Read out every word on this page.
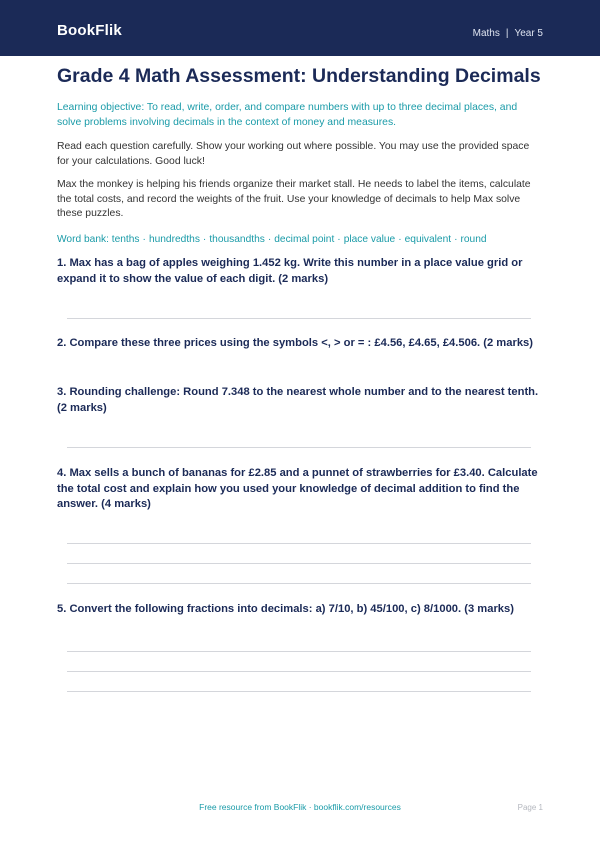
BookFlik	Maths | Year 5
Grade 4 Math Assessment: Understanding Decimals

Learning objective: To read, write, order, and compare numbers with up to three decimal places, and solve problems involving decimals in the context of money and measures.

Read each question carefully. Show your working out where possible. You may use the provided space for your calculations. Good luck!

Max the monkey is helping his friends organize their market stall. He needs to label the items, calculate the total costs, and record the weights of the fruit. Use your knowledge of decimals to help Max solve these puzzles.

Word bank: tenths · hundredths · thousandths · decimal point · place value · equivalent · round

1. Max has a bag of apples weighing 1.452 kg. Write this number in a place value grid or expand it to show the value of each digit. (2 marks)
2. Compare these three prices using the symbols <, > or = : £4.56, £4.65, £4.506. (2 marks)
3. Rounding challenge: Round 7.348 to the nearest whole number and to the nearest tenth. (2 marks)
4. Max sells a bunch of bananas for £2.85 and a punnet of strawberries for £3.40. Calculate the total cost and explain how you used your knowledge of decimal addition to find the answer. (4 marks)
5. Convert the following fractions into decimals: a) 7/10, b) 45/100, c) 8/1000. (3 marks)
Free resource from BookFlik · bookflik.com/resources	Page 1
